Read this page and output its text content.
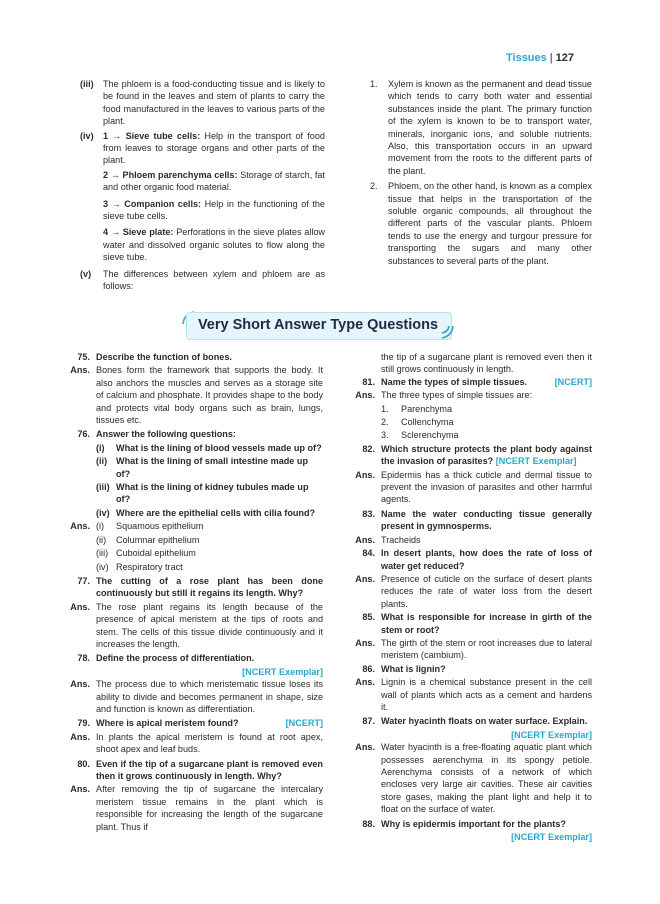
Tissues | 127
(iii)	The phloem is a food-conducting tissue and is likely to be found in the leaves and stem of plants to carry the food manufactured in the leaves to various parts of the plant.
(iv)	1 → Sieve tube cells: Help in the transport of food from leaves to storage organs and other parts of the plant.
2 → Phloem parenchyma cells: Storage of starch, fat and other organic food material.
3 → Companion cells: Help in the functioning of the sieve tube cells.
4 → Sieve plate: Perforations in the sieve plates allow water and dissolved organic solutes to flow along the sieve tube.
(v)	The differences between xylem and phloem are as follows:
1.	Xylem is known as the permanent and dead tissue which tends to carry both water and essential substances inside the plant. The primary function of the xylem is known to be to transport water, minerals, inorganic ions, and soluble nutrients. Also, this transportation occurs in an upward movement from the roots to the different parts of the plant.
2.	Phloem, on the other hand, is known as a complex tissue that helps in the transportation of the soluble organic compounds, all throughout the different parts of the vascular plants. Phloem tends to use the energy and turgour pressure for transporting the sugars and many other substances to several parts of the plant.
Very Short Answer Type Questions
75. Describe the function of bones.
Ans. Bones form the framework that supports the body. It also anchors the muscles and serves as a storage site of calcium and phosphate. It provides shape to the body and protects vital body organs such as brain, lungs, tissues etc.
76. Answer the following questions:
(i)	What is the lining of blood vessels made up of?
(ii) What is the lining of small intestine made up of?
(iii) What is the lining of kidney tubules made up of?
(iv) Where are the epithelial cells with cilia found?
Ans. (i) Squamous epithelium
(ii)	Columnar epithelium
(iii) Cuboidal epithelium
(iv) Respiratory tract
77. The cutting of a rose plant has been done continuously but still it regains its length. Why?
Ans. The rose plant regains its length because of the presence of apical meristem at the tips of roots and stem. The cells of this tissue divide continuously and it increases the length.
78. Define the process of differentiation.
[NCERT Exemplar]
Ans. The process due to which meristematic tissue loses its ability to divide and becomes permanent in shape, size and function is known as differentiation.
79. Where is apical meristem found?	[NCERT]
Ans. In plants the apical meristem is found at root apex, shoot apex and leaf buds.
80. Even if the tip of a sugarcane plant is removed even then it grows continuously in length. Why?
Ans. After removing the tip of sugarcane the intercalary meristem tissue remains in the plant which is responsible for increasing the length of the sugarcane plant. Thus if
the tip of a sugarcane plant is removed even then it still grows continuously in length.
81. Name the types of simple tissues.	[NCERT]
Ans. The three types of simple tissues are:
1.	Parenchyma
2.	Collenchyma
3.	Sclerenchyma
82. Which structure protects the plant body against the invasion of parasites? [NCERT Exemplar]
Ans. Epidermis has a thick cuticle and dermal tissue to prevent the invasion of parasites and other harmful agents.
83. Name the water conducting tissue generally present in gymnosperms.
Ans. Tracheids
84. In desert plants, how does the rate of loss of water get reduced?
Ans. Presence of cuticle on the surface of desert plants reduces the rate of water loss from the desert plants.
85. What is responsible for increase in girth of the stem or root?
Ans. The girth of the stem or root increases due to lateral meristem (cambium).
86. What is lignin?
Ans. Lignin is a chemical substance present in the cell wall of plants which acts as a cement and hardens it.
87. Water hyacinth floats on water surface. Explain.
[NCERT Exemplar]
Ans. Water hyacinth is a free-floating aquatic plant which possesses aerenchyma in its spongy petiole. Aerenchyma consists of a network of which encloses very large air cavities. These air cavities store gases, making the plant light and help it to float on the surface of water.
88. Why is epidermis important for the plants?
[NCERT Exemplar]
